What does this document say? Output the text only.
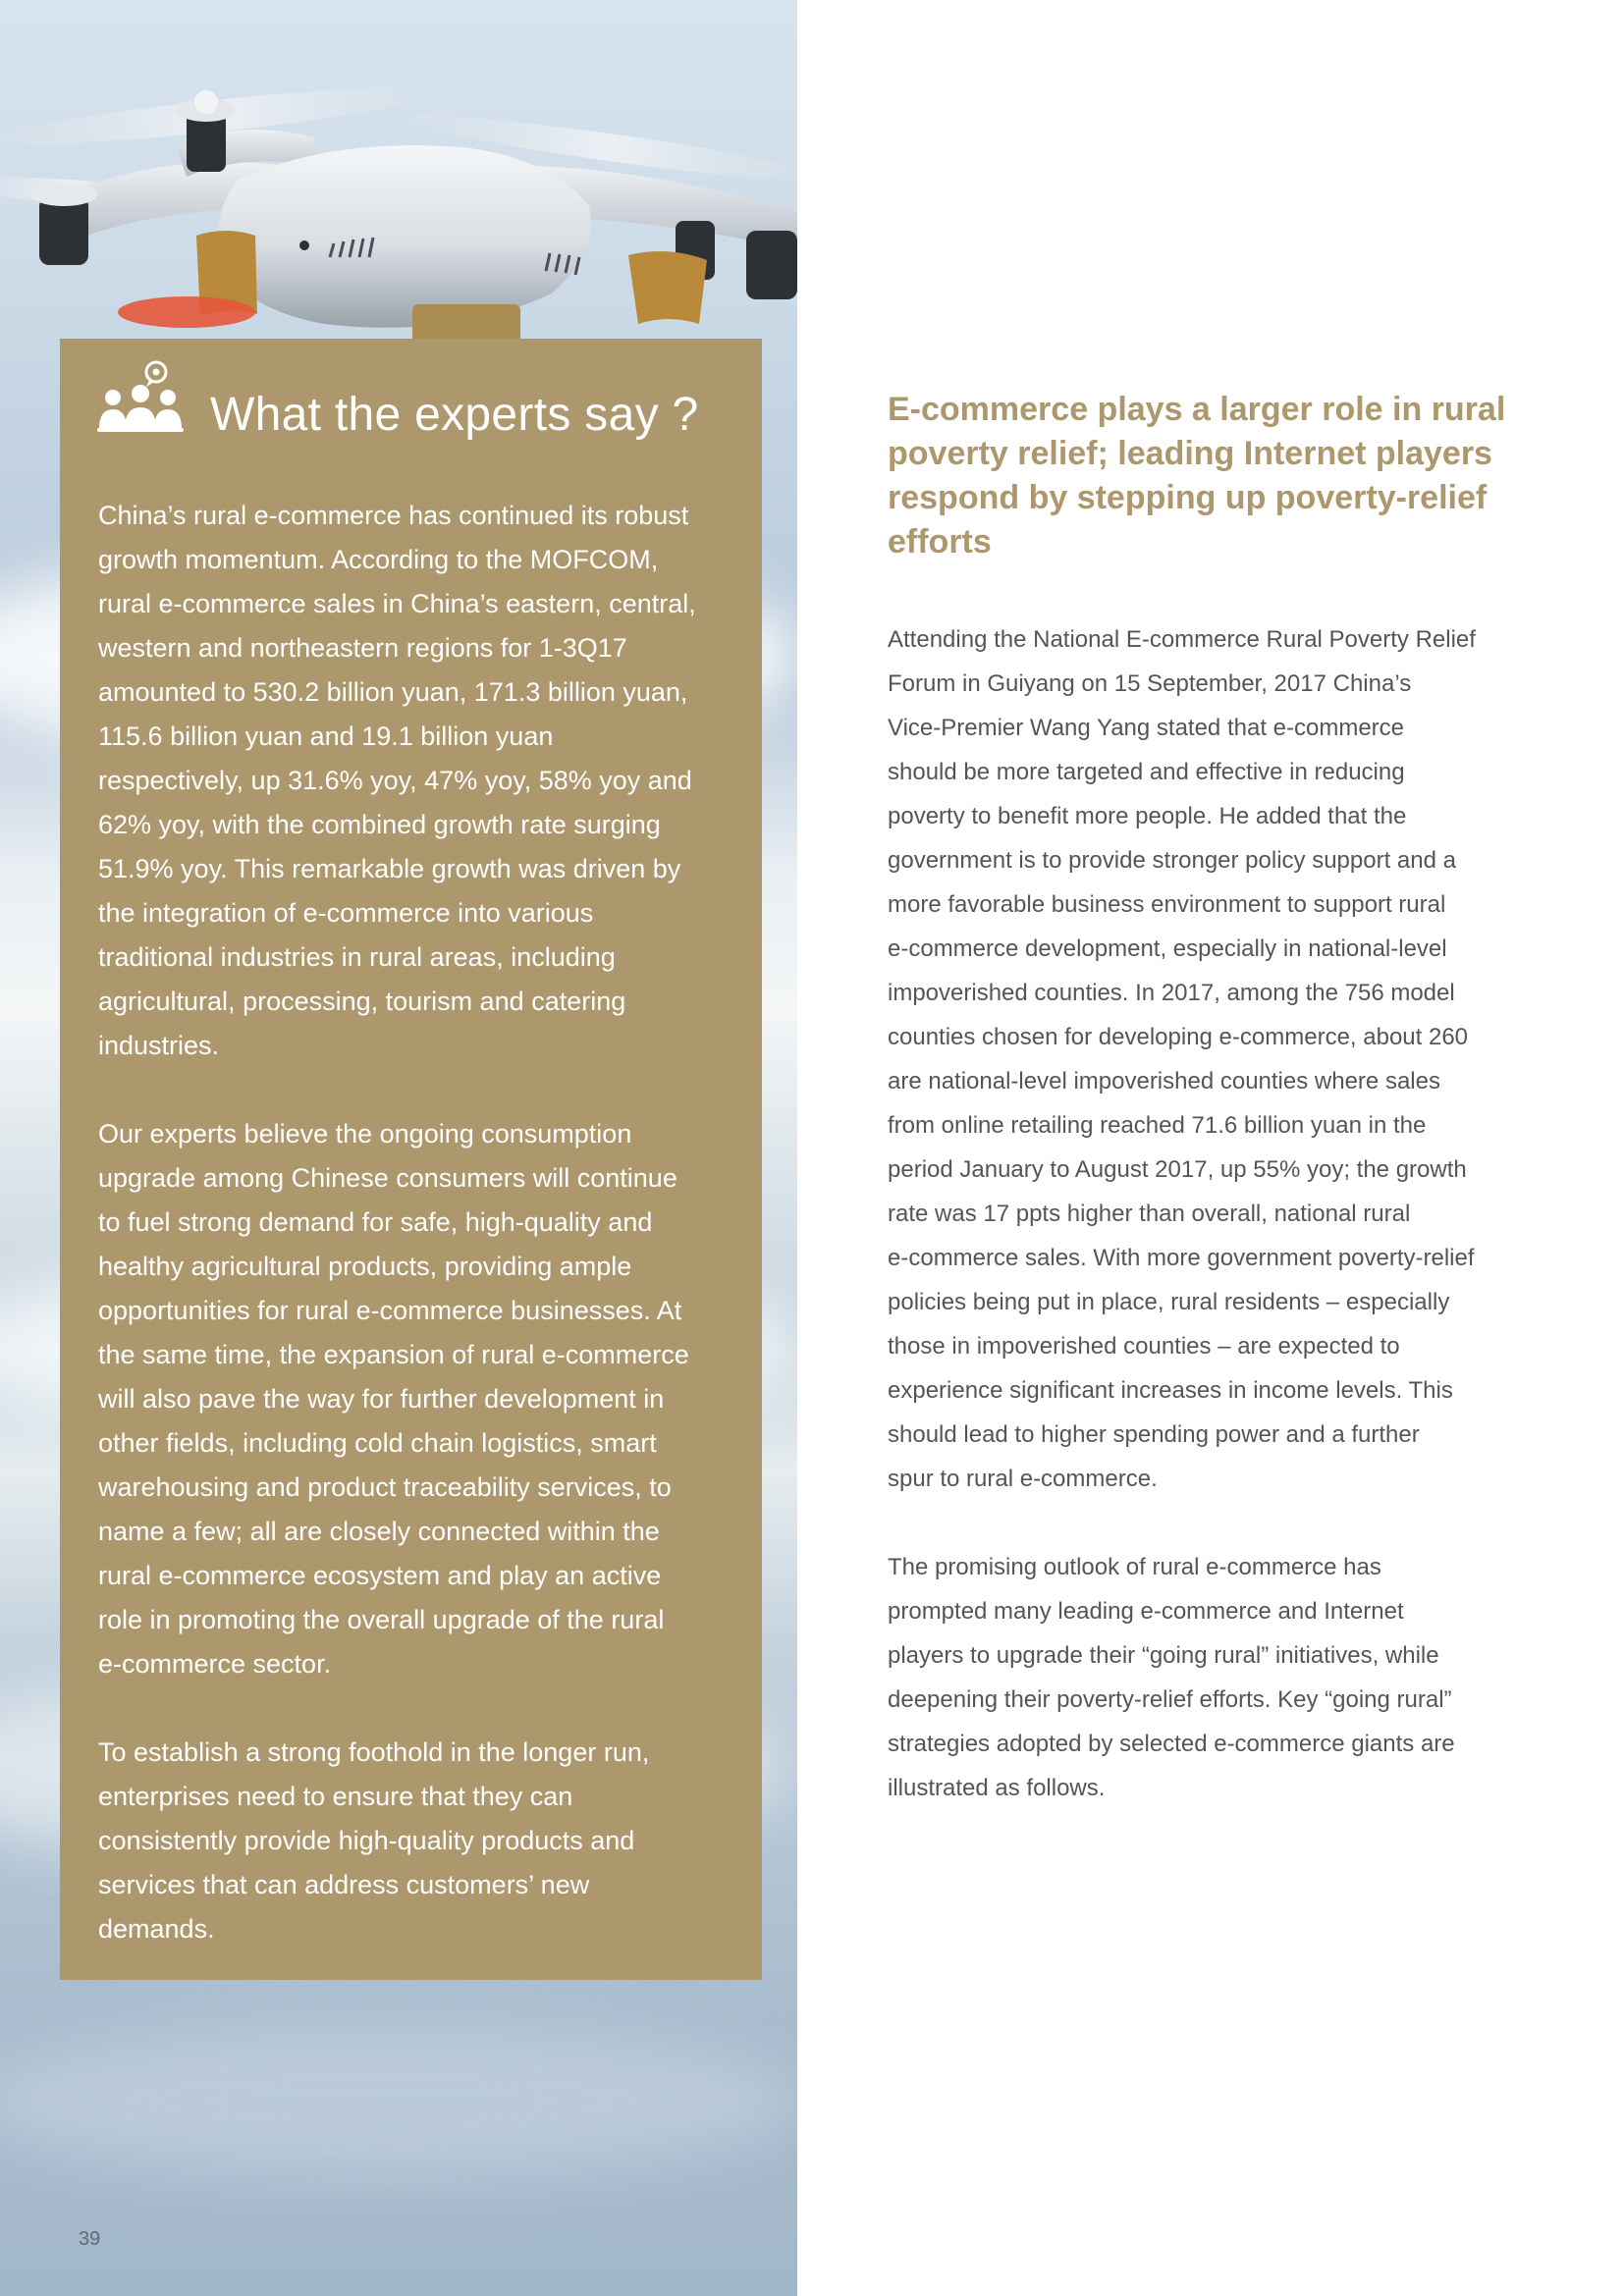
What the experts say ?

China’s rural e-commerce has continued its robust
growth momentum. According to the MOFCOM,
rural e-commerce sales in China’s eastern, central,
western and northeastern regions for 1-3Q17
amounted to 530.2 billion yuan, 171.3 billion yuan,
115.6 billion yuan and 19.1 billion yuan
respectively, up 31.6% yoy, 47% yoy, 58% yoy and
62% yoy, with the combined growth rate surging
51.9% yoy. This remarkable growth was driven by
the integration of e-commerce into various
traditional industries in rural areas, including
agricultural, processing, tourism and catering
industries.

Our experts believe the ongoing consumption
upgrade among Chinese consumers will continue
to fuel strong demand for safe, high-quality and
healthy agricultural products, providing ample
opportunities for rural e-commerce businesses. At
the same time, the expansion of rural e-commerce
will also pave the way for further development in
other fields, including cold chain logistics, smart
warehousing and product traceability services, to
name a few; all are closely connected within the
rural e-commerce ecosystem and play an active
role in promoting the overall upgrade of the rural
e-commerce sector.

To establish a strong foothold in the longer run,
enterprises need to ensure that they can
consistently provide high-quality products and
services that can address customers’ new
demands.

E-commerce plays a larger role in rural
poverty relief; leading Internet players
respond by stepping up poverty-relief
efforts

Attending the National E-commerce Rural Poverty Relief
Forum in Guiyang on 15 September, 2017 China’s
Vice-Premier Wang Yang stated that e-commerce
should be more targeted and effective in reducing
poverty to benefit more people. He added that the
government is to provide stronger policy support and a
more favorable business environment to support rural
e-commerce development, especially in national-level
impoverished counties. In 2017, among the 756 model
counties chosen for developing e-commerce, about 260
are national-level impoverished counties where sales
from online retailing reached 71.6 billion yuan in the
period January to August 2017, up 55% yoy; the growth
rate was 17 ppts higher than overall, national rural
e-commerce sales. With more government poverty-relief
policies being put in place, rural residents – especially
those in impoverished counties – are expected to
experience significant increases in income levels. This
should lead to higher spending power and a further
spur to rural e-commerce.

The promising outlook of rural e-commerce has
prompted many leading e-commerce and Internet
players to upgrade their “going rural” initiatives, while
deepening their poverty-relief efforts. Key “going rural”
strategies adopted by selected e-commerce giants are
illustrated as follows.

39
